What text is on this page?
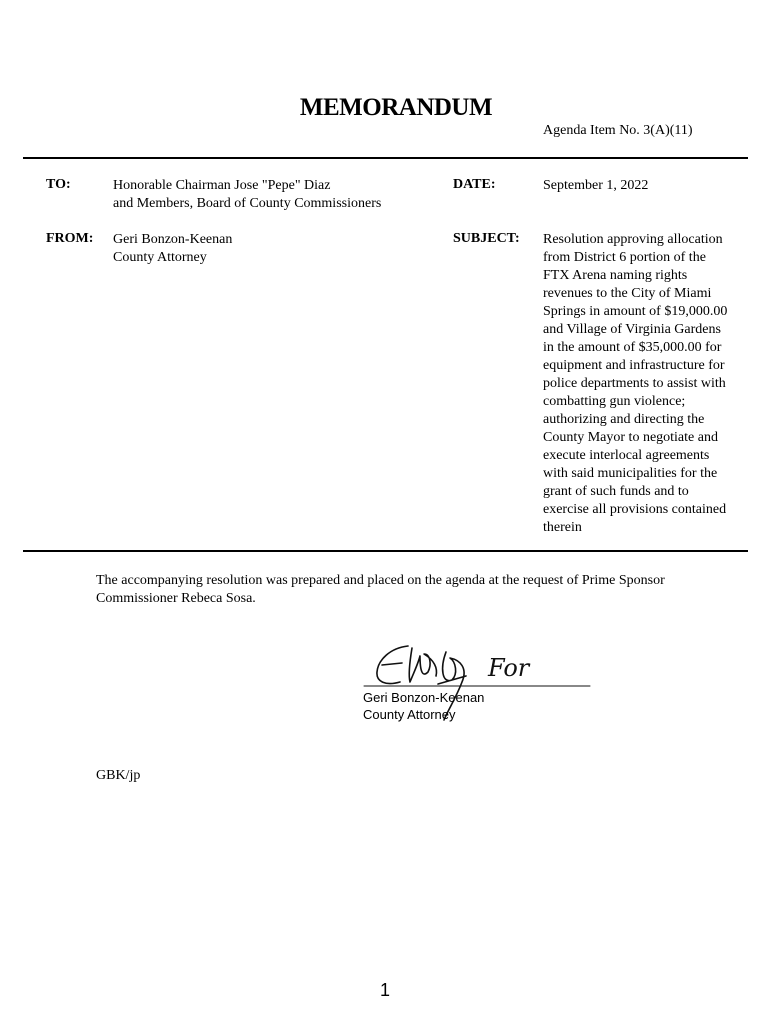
MEMORANDUM
Agenda Item No. 3(A)(11)
TO:	Honorable Chairman Jose "Pepe" Diaz
and Members, Board of County Commissioners
DATE:	September 1, 2022
FROM: Geri Bonzon-Keenan
County Attorney
SUBJECT: Resolution approving allocation
from District 6 portion of the
FTX Arena naming rights
revenues to the City of Miami
Springs in amount of $19,000.00
and Village of Virginia Gardens
in the amount of $35,000.00 for
equipment and infrastructure for
police departments to assist with
combatting gun violence;
authorizing and directing the
County Mayor to negotiate and
execute interlocal agreements
with said municipalities for the
grant of such funds and to
exercise all provisions contained
therein
The accompanying resolution was prepared and placed on the agenda at the request of Prime Sponsor
Commissioner Rebeca Sosa.
For
Geri Bonzon-Keenan
County Attorney
GBK/jp
1
